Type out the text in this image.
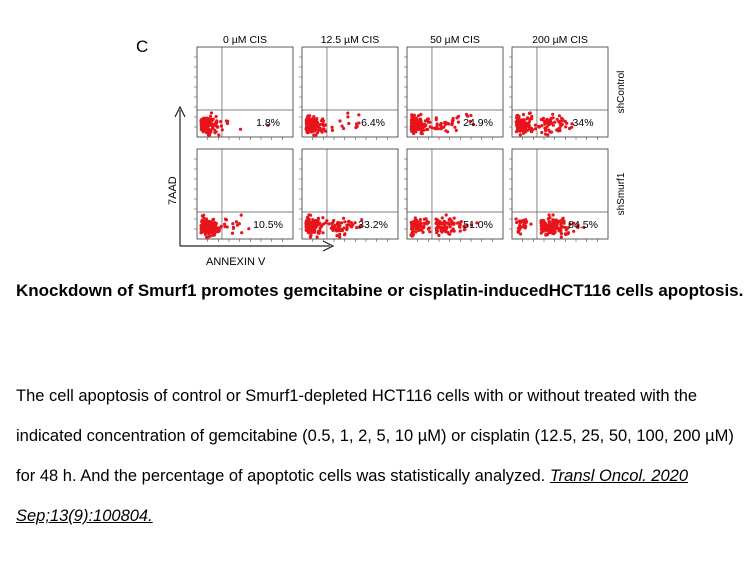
C
7AAD
ANNEXIN V
0 µM CIS	12.5 µM CIS	50 µM CIS	200 µM CIS
shControl
shSmurf1
1.8%	6.4%	24.9%	34%
10.5%	33.2%	51.0%	84.5%
Knockdown of Smurf1 promotes gemcitabine or cisplatin-inducedHCT116 cells apoptosis.
The cell apoptosis of control or Smurf1-depleted HCT116 cells with or without treated with the indicated concentration of gemcitabine (0.5, 1, 2, 5, 10 µM) or cisplatin (12.5, 25, 50, 100, 200 µM) for 48 h. And the percentage of apoptotic cells was statistically analyzed. Transl Oncol. 2020 Sep;13(9):100804.
